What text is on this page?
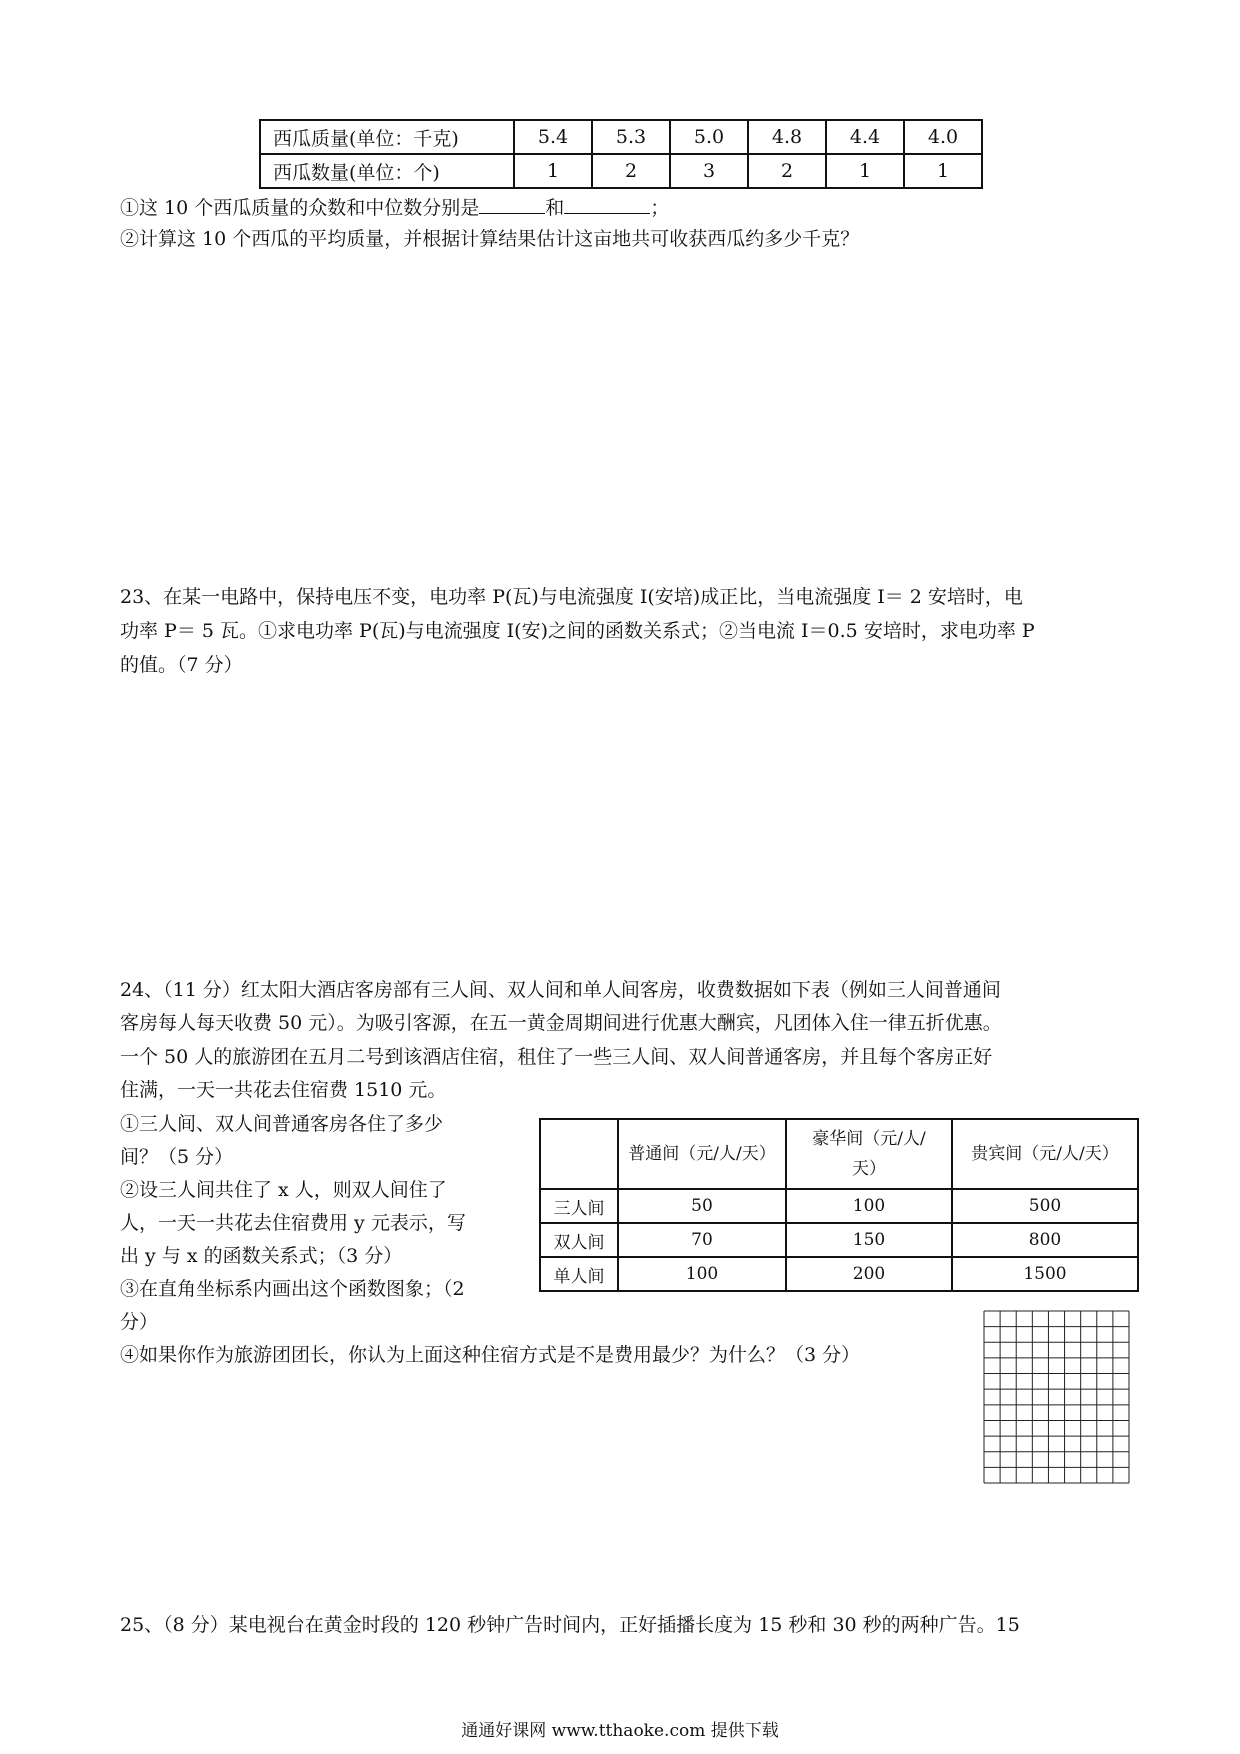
西瓜质量(单位：千克)	5.4	5.3	5.0	4.8	4.4	4.0
西瓜数量(单位：个)	1	2	3	2	1	1
①这 10 个西瓜质量的众数和中位数分别是	和	；
②计算这 10 个西瓜的平均质量，并根据计算结果估计这亩地共可收获西瓜约多少千克？
23、在某一电路中，保持电压不变，电功率 P(瓦)与电流强度 I(安培)成正比，当电流强度 I＝ 2 安培时，电
功率 P＝ 5 瓦。①求电功率 P(瓦)与电流强度 I(安)之间的函数关系式；②当电流 I＝0.5 安培时，求电功率 P
的值。（7 分）
24、（11 分）红太阳大酒店客房部有三人间、双人间和单人间客房，收费数据如下表（例如三人间普通间
客房每人每天收费 50 元）。为吸引客源，在五一黄金周期间进行优惠大酬宾，凡团体入住一律五折优惠。
一个 50 人的旅游团在五月二号到该酒店住宿，租住了一些三人间、双人间普通客房，并且每个客房正好
住满，一天一共花去住宿费 1510 元。
①三人间、双人间普通客房各住了多少
间？（5 分）
②设三人间共住了 x 人，则双人间住了
人，一天一共花去住宿费用 y 元表示，写
出 y 与 x 的函数关系式；（3 分）
③在直角坐标系内画出这个函数图象；（2
分）
④如果你作为旅游团团长，你认为上面这种住宿方式是不是费用最少？为什么？（3 分）
	普通间（元/人/天）	豪华间（元/人/
天）	贵宾间（元/人/天）
三人间	50	100	500
双人间	70	150	800
单人间	100	200	1500
25、（8 分）某电视台在黄金时段的 120 秒钟广告时间内，正好插播长度为 15 秒和 30 秒的两种广告。15
通通好课网 www.tthaoke.com 提供下载
